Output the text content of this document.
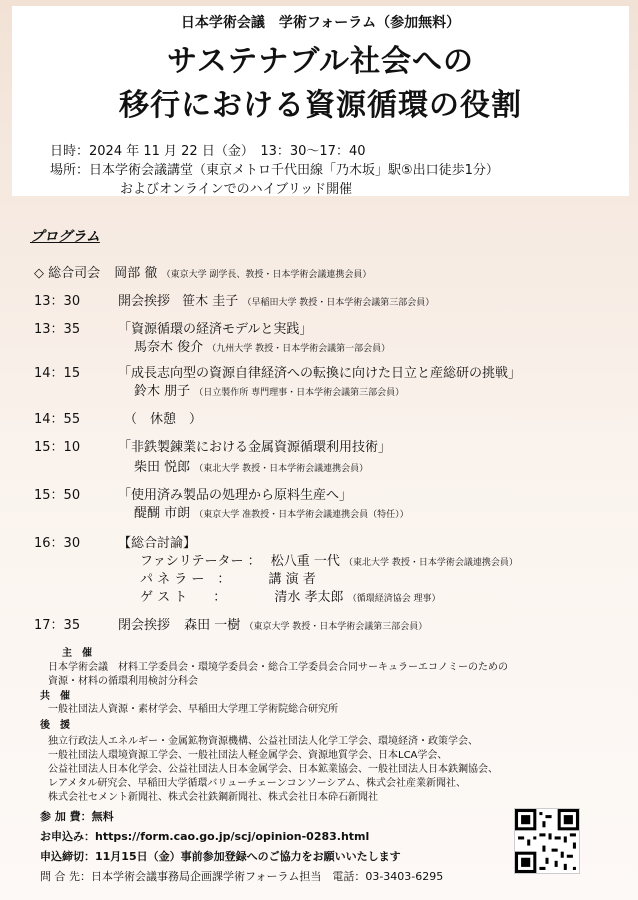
日本学術会議　学術フォーラム（参加無料）
サステナブル社会への
移行における資源循環の役割
日時：2024 年 11 月 22 日（金）　13：30〜17：40
場所：日本学術会議講堂（東京メトロ千代田線「乃木坂」駅⑤出口徒歩1分）
およびオンラインでのハイブリッド開催
プログラム
◇ 総合司会 岡部 徹 （東京大学 副学長、教授・日本学術会議連携会員）
13：30	開会挨拶 笹木 圭子 （早稲田大学 教授・日本学術会議第三部会員）
13：35	「資源循環の経済モデルと実践」
馬奈木 俊介 （九州大学 教授・日本学術会議第一部会員）
14：15	「成長志向型の資源自律経済への転換に向けた日立と産総研の挑戦」
鈴木 朋子 （日立製作所 専門理事・日本学術会議第三部会員）
14：55	（　休憩　）
15：10	「非鉄製錬業における金属資源循環利用技術」
柴田 悦郎 （東北大学 教授・日本学術会議連携会員）
15：50	「使用済み製品の処理から原料生産へ」
醍醐 市朗 （東京大学 准教授・日本学術会議連携会員（特任））
16：30	【総合討論】
ファシリテーター ： 松八重 一代 （東北大学 教授・日本学術会議連携会員）
パ ネ ラ ー　：	講 演 者
ゲ ス ト　　：	清水 孝太郎 （循環経済協会 理事）
17：35	閉会挨拶 森田 一樹 （東京大学 教授・日本学術会議第三部会員）
主　催
日本学術会議　材料工学委員会・環境学委員会・総合工学委員会合同サーキュラーエコノミーのための
資源・材料の循環利用検討分科会
共　催
一般社団法人資源・素材学会、早稲田大学理工学術院総合研究所
後　援
独立行政法人エネルギー・金属鉱物資源機構、公益社団法人化学工学会、環境経済・政策学会、
一般社団法人環境資源工学会、一般社団法人軽金属学会、資源地質学会、日本LCA学会、
公益社団法人日本化学会、公益社団法人日本金属学会、日本鉱業協会、一般社団法人日本鉄鋼協会、
レアメタル研究会、早稲田大学循環バリューチェーンコンソーシアム、株式会社産業新聞社、
株式会社セメント新聞社、株式会社鉄鋼新聞社、株式会社日本砕石新聞社
参 加 費：無料
お申込み：https://form.cao.go.jp/scj/opinion-0283.html
申込締切：11月15日（金）事前参加登録へのご協力をお願いいたします
問 合 先：日本学術会議事務局企画課学術フォーラム担当　電話：03-3403-6295
